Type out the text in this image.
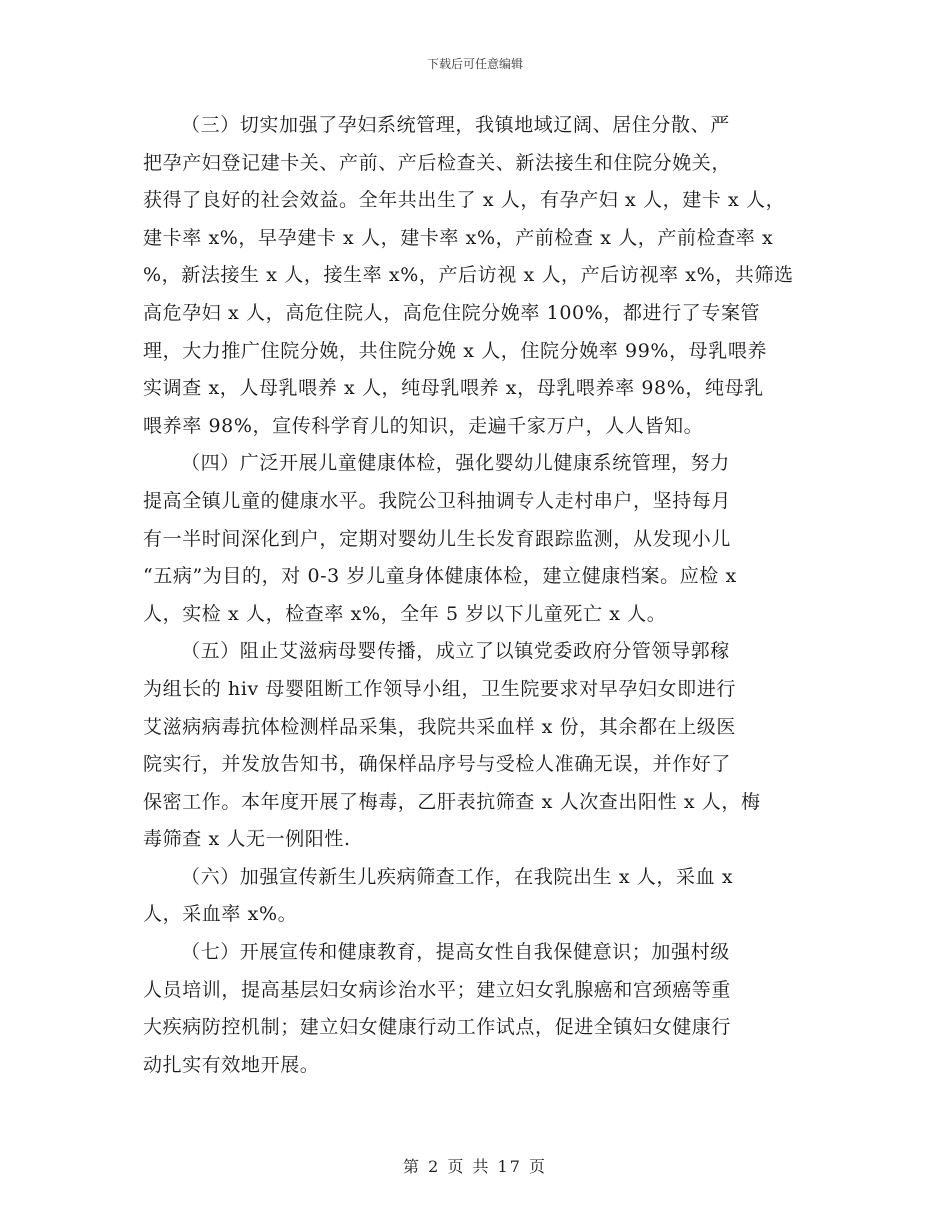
下载后可任意编辑
（三）切实加强了孕妇系统管理，我镇地域辽阔、居住分散、严
把孕产妇登记建卡关、产前、产后检查关、新法接生和住院分娩关，
获得了良好的社会效益。全年共出生了 x 人，有孕产妇 x 人，建卡 x 人，
建卡率 x%，早孕建卡 x 人，建卡率 x%，产前检查 x 人，产前检查率 x
%，新法接生 x 人，接生率 x%，产后访视 x 人，产后访视率 x%，共筛选
高危孕妇 x 人，高危住院人，高危住院分娩率 100%，都进行了专案管
理，大力推广住院分娩，共住院分娩 x 人，住院分娩率 99%，母乳喂养
实调查 x，人母乳喂养 x 人，纯母乳喂养 x，母乳喂养率 98%，纯母乳
喂养率 98%，宣传科学育儿的知识，走遍千家万户，人人皆知。
（四）广泛开展儿童健康体检，强化婴幼儿健康系统管理，努力
提高全镇儿童的健康水平。我院公卫科抽调专人走村串户，坚持每月
有一半时间深化到户，定期对婴幼儿生长发育跟踪监测，从发现小儿
“五病”为目的，对 0-3 岁儿童身体健康体检，建立健康档案。应检 x
人，实检 x 人，检查率 x%，全年 5 岁以下儿童死亡 x 人。
（五）阻止艾滋病母婴传播，成立了以镇党委政府分管领导郭稼
为组长的 hiv 母婴阻断工作领导小组，卫生院要求对早孕妇女即进行
艾滋病病毒抗体检测样品采集，我院共采血样 x 份，其余都在上级医
院实行，并发放告知书，确保样品序号与受检人准确无误，并作好了
保密工作。本年度开展了梅毒，乙肝表抗筛查 x 人次查出阳性 x 人，梅
毒筛查 x 人无一例阳性.
（六）加强宣传新生儿疾病筛查工作，在我院出生 x 人，采血 x
人，采血率 x%。
（七）开展宣传和健康教育，提高女性自我保健意识；加强村级
人员培训，提高基层妇女病诊治水平；建立妇女乳腺癌和宫颈癌等重
大疾病防控机制；建立妇女健康行动工作试点，促进全镇妇女健康行
动扎实有效地开展。
第 2 页 共 17 页
